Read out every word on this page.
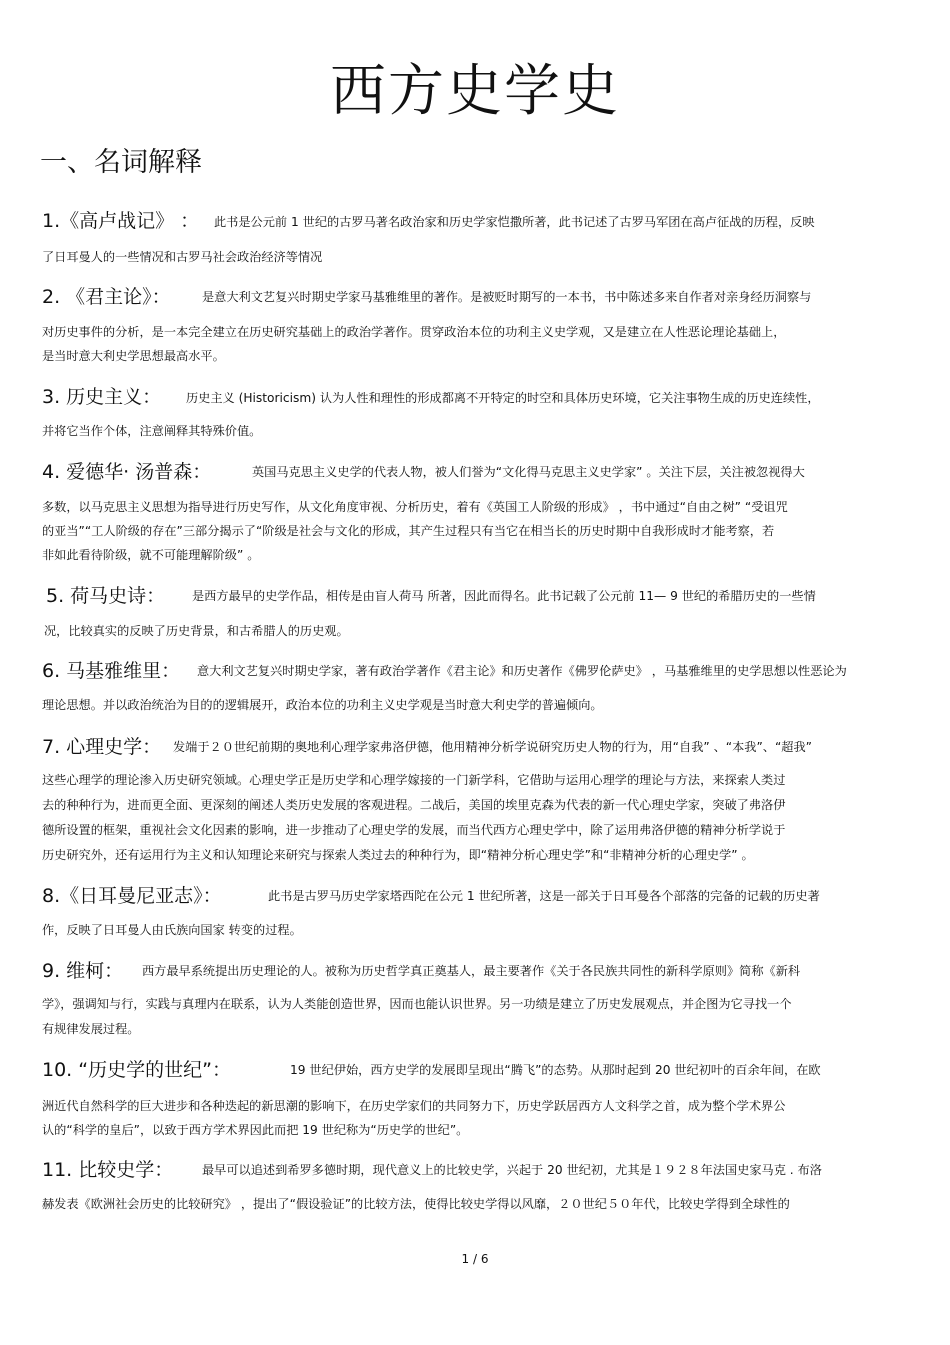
西方史学史
一、名词解释
1.《高卢战记》 ： 此书是公元前 1 世纪的古罗马著名政治家和历史学家恺撒所著，此书记述了古罗马军团在高卢征战的历程，反映
了日耳曼人的一些情况和古罗马社会政治经济等情况
2. 《君主论》：	是意大利文艺复兴时期史学家马基雅维里的著作。是被贬时期写的一本书，书中陈述多来自作者对亲身经历洞察与
对历史事件的分析，是一本完全建立在历史研究基础上的政治学著作。贯穿政治本位的功利主义史学观，又是建立在人性恶论理论基础上，
是当时意大利史学思想最高水平。
3. 历史主义： 历史主义 (Historicism) 认为人性和理性的形成都离不开特定的时空和具体历史环境，它关注事物生成的历史连续性，
并将它当作个体，注意阐释其特殊价值。
4. 爱德华· 汤普森：	英国马克思主义史学的代表人物，被人们誉为“文化得马克思主义史学家” 。关注下层，关注被忽视得大
多数，以马克思主义思想为指导进行历史写作，从文化角度审视、分析历史，着有《英国工人阶级的形成》 ，书中通过“自由之树” “受诅咒
的亚当”“工人阶级的存在”三部分揭示了“阶级是社会与文化的形成，其产生过程只有当它在相当长的历史时期中自我形成时才能考察，若
非如此看待阶级，就不可能理解阶级” 。
5. 荷马史诗： 是西方最早的史学作品，相传是由盲人荷马 所著，因此而得名。此书记载了公元前 11— 9 世纪的希腊历史的一些情
况，比较真实的反映了历史背景，和古希腊人的历史观。
6. 马基雅维里： 意大利文艺复兴时期史学家，著有政治学著作《君主论》和历史著作《佛罗伦萨史》 ，马基雅维里的史学思想以性恶论为
理论思想。并以政治统治为目的的逻辑展开，政治本位的功利主义史学观是当时意大利史学的普遍倾向。
7. 心理史学： 发端于２０世纪前期的奥地利心理学家弗洛伊德，他用精神分析学说研究历史人物的行为，用“自我” 、“本我”、“超我”
这些心理学的理论渗入历史研究领域。心理史学正是历史学和心理学嫁接的一门新学科，它借助与运用心理学的理论与方法，来探索人类过
去的种种行为，进而更全面、更深刻的阐述人类历史发展的客观进程。二战后，美国的埃里克森为代表的新一代心理史学家，突破了弗洛伊
德所设置的框架，重视社会文化因素的影响，进一步推动了心理史学的发展，而当代西方心理史学中，除了运用弗洛伊德的精神分析学说于
历史研究外，还有运用行为主义和认知理论来研究与探索人类过去的种种行为，即“精神分析心理史学”和“非精神分析的心理史学” 。
8.《日耳曼尼亚志》：	此书是古罗马历史学家塔西陀在公元 1 世纪所著，这是一部关于日耳曼各个部落的完备的记载的历史著
作，反映了日耳曼人由氏族向国家 转变的过程。
9. 维柯： 西方最早系统提出历史理论的人。被称为历史哲学真正奠基人，最主要著作《关于各民族共同性的新科学原则》简称《新科
学》，强调知与行，实践与真理内在联系，认为人类能创造世界，因而也能认识世界。另一功绩是建立了历史发展观点，并企图为它寻找一个
有规律发展过程。
10. “历史学的世纪”：	19 世纪伊始，西方史学的发展即呈现出“腾飞”的态势。从那时起到 20 世纪初叶的百余年间，在欧
洲近代自然科学的巨大进步和各种迭起的新思潮的影响下，在历史学家们的共同努力下，历史学跃居西方人文科学之首，成为整个学术界公
认的“科学的皇后”，以致于西方学术界因此而把 19 世纪称为“历史学的世纪”。
11. 比较史学： 最早可以追述到希罗多德时期，现代意义上的比较史学，兴起于 20 世纪初，尤其是１９２８年法国史家马克 . 布洛
赫发表《欧洲社会历史的比较研究》 ，提出了“假设验证”的比较方法，使得比较史学得以风靡，２０世纪５０年代，比较史学得到全球性的
1 / 6
